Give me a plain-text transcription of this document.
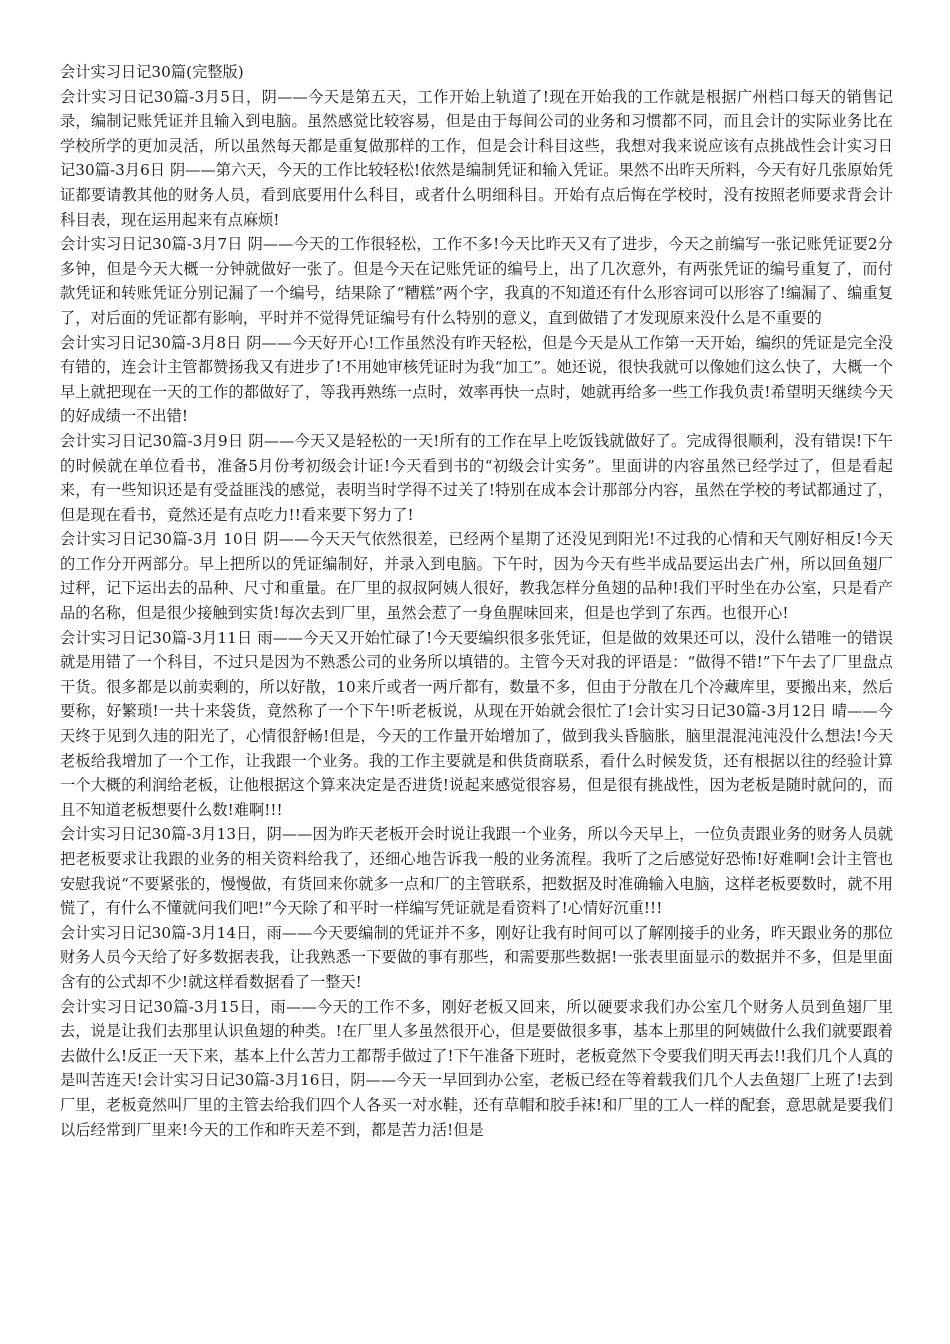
会计实习日记30篇(完整版)

会计实习日记30篇-3月5日，阴——今天是第五天，工作开始上轨道了!现在开始我的工作就是根据广州档口每天的销售记录，编制记账凭证并且输入到电脑。虽然感觉比较容易，但是由于每间公司的业务和习惯都不同，而且会计的实际业务比在学校所学的更加灵活，所以虽然每天都是重复做那样的工作，但是会计科目这些，我想对我来说应该有点挑战性会计实习日记30篇-3月6日 阴——第六天，今天的工作比较轻松!依然是编制凭证和输入凭证。果然不出昨天所料，今天有好几张原始凭证都要请教其他的财务人员，看到底要用什么科目，或者什么明细科目。开始有点后悔在学校时，没有按照老师要求背会计科目表，现在运用起来有点麻烦!

会计实习日记30篇-3月7日 阴——今天的工作很轻松，工作不多!今天比昨天又有了进步，今天之前编写一张记账凭证要2分多钟，但是今天大概一分钟就做好一张了。但是今天在记账凭证的编号上，出了几次意外，有两张凭证的编号重复了，而付款凭证和转账凭证分别记漏了一个编号，结果除了“糟糕”两个字，我真的不知道还有什么形容词可以形容了!编漏了、编重复了，对后面的凭证都有影响，平时并不觉得凭证编号有什么特别的意义，直到做错了才发现原来没什么是不重要的

会计实习日记30篇-3月8日 阴——今天好开心!工作虽然没有昨天轻松，但是今天是从工作第一天开始，编织的凭证是完全没有错的，连会计主管都赞扬我又有进步了!不用她审核凭证时为我“加工”。她还说，很快我就可以像她们这么快了，大概一个早上就把现在一天的工作的都做好了，等我再熟练一点时，效率再快一点时，她就再给多一些工作我负责!希望明天继续今天的好成绩一不出错!

会计实习日记30篇-3月9日 阴——今天又是轻松的一天!所有的工作在早上吃饭钱就做好了。完成得很顺利，没有错误!下午的时候就在单位看书，准备5月份考初级会计证!今天看到书的“初级会计实务”。里面讲的内容虽然已经学过了，但是看起来，有一些知识还是有受益匪浅的感觉，表明当时学得不过关了!特别在成本会计那部分内容，虽然在学校的考试都通过了，但是现在看书，竟然还是有点吃力!!看来要下努力了!

会计实习日记30篇-3月 10日 阴——今天天气依然很差，已经两个星期了还没见到阳光!不过我的心情和天气刚好相反!今天的工作分开两部分。早上把所以的凭证编制好，并录入到电脑。下午时，因为今天有些半成品要运出去广州，所以回鱼翅厂过秤，记下运出去的品种、尺寸和重量。在厂里的叔叔阿姨人很好，教我怎样分鱼翅的品种!我们平时坐在办公室，只是看产品的名称，但是很少接触到实货!每次去到厂里，虽然会惹了一身鱼腥味回来，但是也学到了东西。也很开心!

会计实习日记30篇-3月11日 雨——今天又开始忙碌了!今天要编织很多张凭证，但是做的效果还可以，没什么错唯一的错误就是用错了一个科目，不过只是因为不熟悉公司的业务所以填错的。主管今天对我的评语是：“做得不错!”下午去了厂里盘点干货。很多都是以前卖剩的，所以好散，10来斤或者一两斤都有，数量不多，但由于分散在几个冷藏库里，要搬出来，然后要称，好繁琐!一共十来袋货，竟然称了一个下午!听老板说，从现在开始就会很忙了!会计实习日记30篇-3月12日 晴——今天终于见到久违的阳光了，心情很舒畅!但是，今天的工作量开始增加了，做到我头昏脑胀，脑里混混沌沌没什么想法!今天老板给我增加了一个工作，让我跟一个业务。我的工作主要就是和供货商联系，看什么时候发货，还有根据以往的经验计算一个大概的利润给老板，让他根据这个算来决定是否进货!说起来感觉很容易，但是很有挑战性，因为老板是随时就问的，而且不知道老板想要什么数!难啊!!!

会计实习日记30篇-3月13日，阴——因为昨天老板开会时说让我跟一个业务，所以今天早上，一位负责跟业务的财务人员就把老板要求让我跟的业务的相关资料给我了，还细心地告诉我一般的业务流程。我听了之后感觉好恐怖!好难啊!会计主管也安慰我说“不要紧张的，慢慢做，有货回来你就多一点和厂的主管联系，把数据及时准确输入电脑，这样老板要数时，就不用慌了，有什么不懂就问我们吧!”今天除了和平时一样编写凭证就是看资料了!心情好沉重!!!

会计实习日记30篇-3月14日，雨——今天要编制的凭证并不多，刚好让我有时间可以了解刚接手的业务，昨天跟业务的那位财务人员今天给了好多数据表我，让我熟悉一下要做的事有那些，和需要那些数据!一张表里面显示的数据并不多，但是里面含有的公式却不少!就这样看数据看了一整天!

会计实习日记30篇-3月15日，雨——今天的工作不多，刚好老板又回来，所以硬要求我们办公室几个财务人员到鱼翅厂里去，说是让我们去那里认识鱼翅的种类。!在厂里人多虽然很开心，但是要做很多事，基本上那里的阿姨做什么我们就要跟着去做什么!反正一天下来，基本上什么苦力工都帮手做过了!下午准备下班时，老板竟然下令要我们明天再去!!我们几个人真的是叫苦连天!会计实习日记30篇-3月16日，阴——今天一早回到办公室，老板已经在等着载我们几个人去鱼翅厂上班了!去到厂里，老板竟然叫厂里的主管去给我们四个人各买一对水鞋，还有草帽和胶手袜!和厂里的工人一样的配套，意思就是要我们以后经常到厂里来!今天的工作和昨天差不到，都是苦力活!但是
